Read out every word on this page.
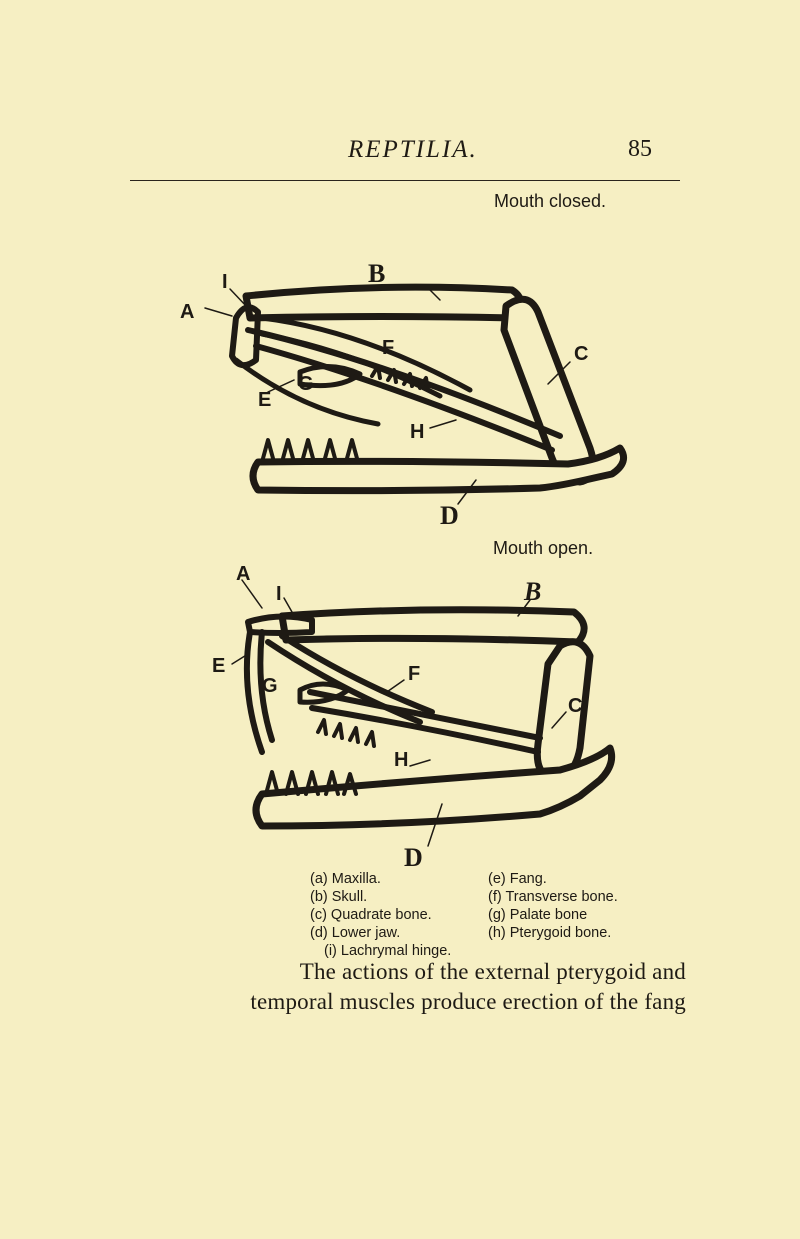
REPTILIA.	85
Mouth closed.
Mouth open.
B
I
A
C
F
G
E
H
D
A
I	B
E	F
G
C
H
D
(a) Maxilla.	(e) Fang.
(b) Skull.	(f) Transverse bone.
(c) Quadrate bone.	(g) Palate bone
(d) Lower jaw.	(h) Pterygoid bone.
(i) Lachrymal hinge.
The actions of the external pterygoid and
temporal muscles produce erection of the fang
